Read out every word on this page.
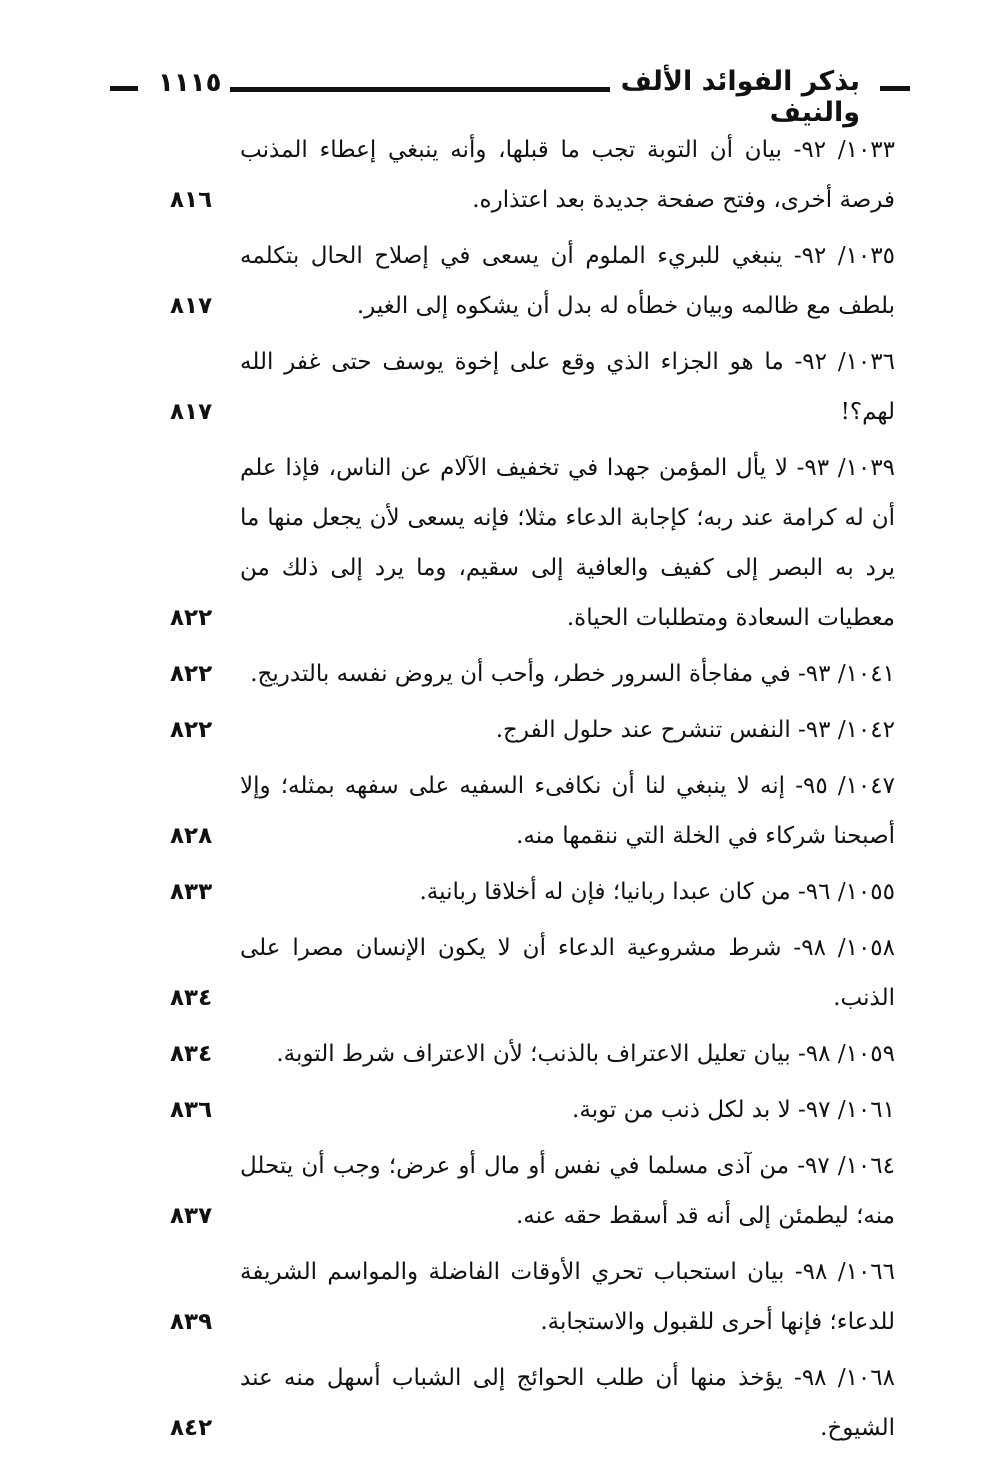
١١١٥	بذكر الفوائد الألف والنيف
١٠٣٣/ ٩٢- بيان أن التوبة تجب ما قبلها، وأنه ينبغي إعطاء المذنب فرصة أخرى، وفتح صفحة جديدة بعد اعتذاره.
٨١٦
١٠٣٥/ ٩٢- ينبغي للبريء الملوم أن يسعى في إصلاح الحال بتكلمه بلطف مع ظالمه وبيان خطأه له بدل أن يشكوه إلى الغير.
٨١٧
١٠٣٦/ ٩٢- ما هو الجزاء الذي وقع على إخوة يوسف حتى غفر الله لهم؟!
٨١٧
١٠٣٩/ ٩٣- لا يأل المؤمن جهدا في تخفيف الآلام عن الناس، فإذا علم أن له كرامة عند ربه؛ كإجابة الدعاء مثلا؛ فإنه يسعى لأن يجعل منها ما يرد به البصر إلى كفيف والعافية إلى سقيم، وما يرد إلى ذلك من معطيات السعادة ومتطلبات الحياة.
٨٢٢
١٠٤١/ ٩٣- في مفاجأة السرور خطر، وأحب أن يروض نفسه بالتدريج.
٨٢٢
١٠٤٢/ ٩٣- النفس تنشرح عند حلول الفرج.
٨٢٢
١٠٤٧/ ٩٥- إنه لا ينبغي لنا أن نكافىء السفيه على سفهه بمثله؛ وإلا أصبحنا شركاء في الخلة التي ننقمها منه.
٨٢٨
١٠٥٥/ ٩٦- من كان عبدا ربانيا؛ فإن له أخلاقا ربانية.
٨٣٣
١٠٥٨/ ٩٨- شرط مشروعية الدعاء أن لا يكون الإنسان مصرا على الذنب.
٨٣٤
١٠٥٩/ ٩٨- بيان تعليل الاعتراف بالذنب؛ لأن الاعتراف شرط التوبة.
٨٣٤
١٠٦١/ ٩٧- لا بد لكل ذنب من توبة.
٨٣٦
١٠٦٤/ ٩٧- من آذى مسلما في نفس أو مال أو عرض؛ وجب أن يتحلل منه؛ ليطمئن إلى أنه قد أسقط حقه عنه.
٨٣٧
١٠٦٦/ ٩٨- بيان استحباب تحري الأوقات الفاضلة والمواسم الشريفة للدعاء؛ فإنها أحرى للقبول والاستجابة.
٨٣٩
١٠٦٨/ ٩٨- يؤخذ منها أن طلب الحوائج إلى الشباب أسهل منه عند الشيوخ.
٨٤٢
